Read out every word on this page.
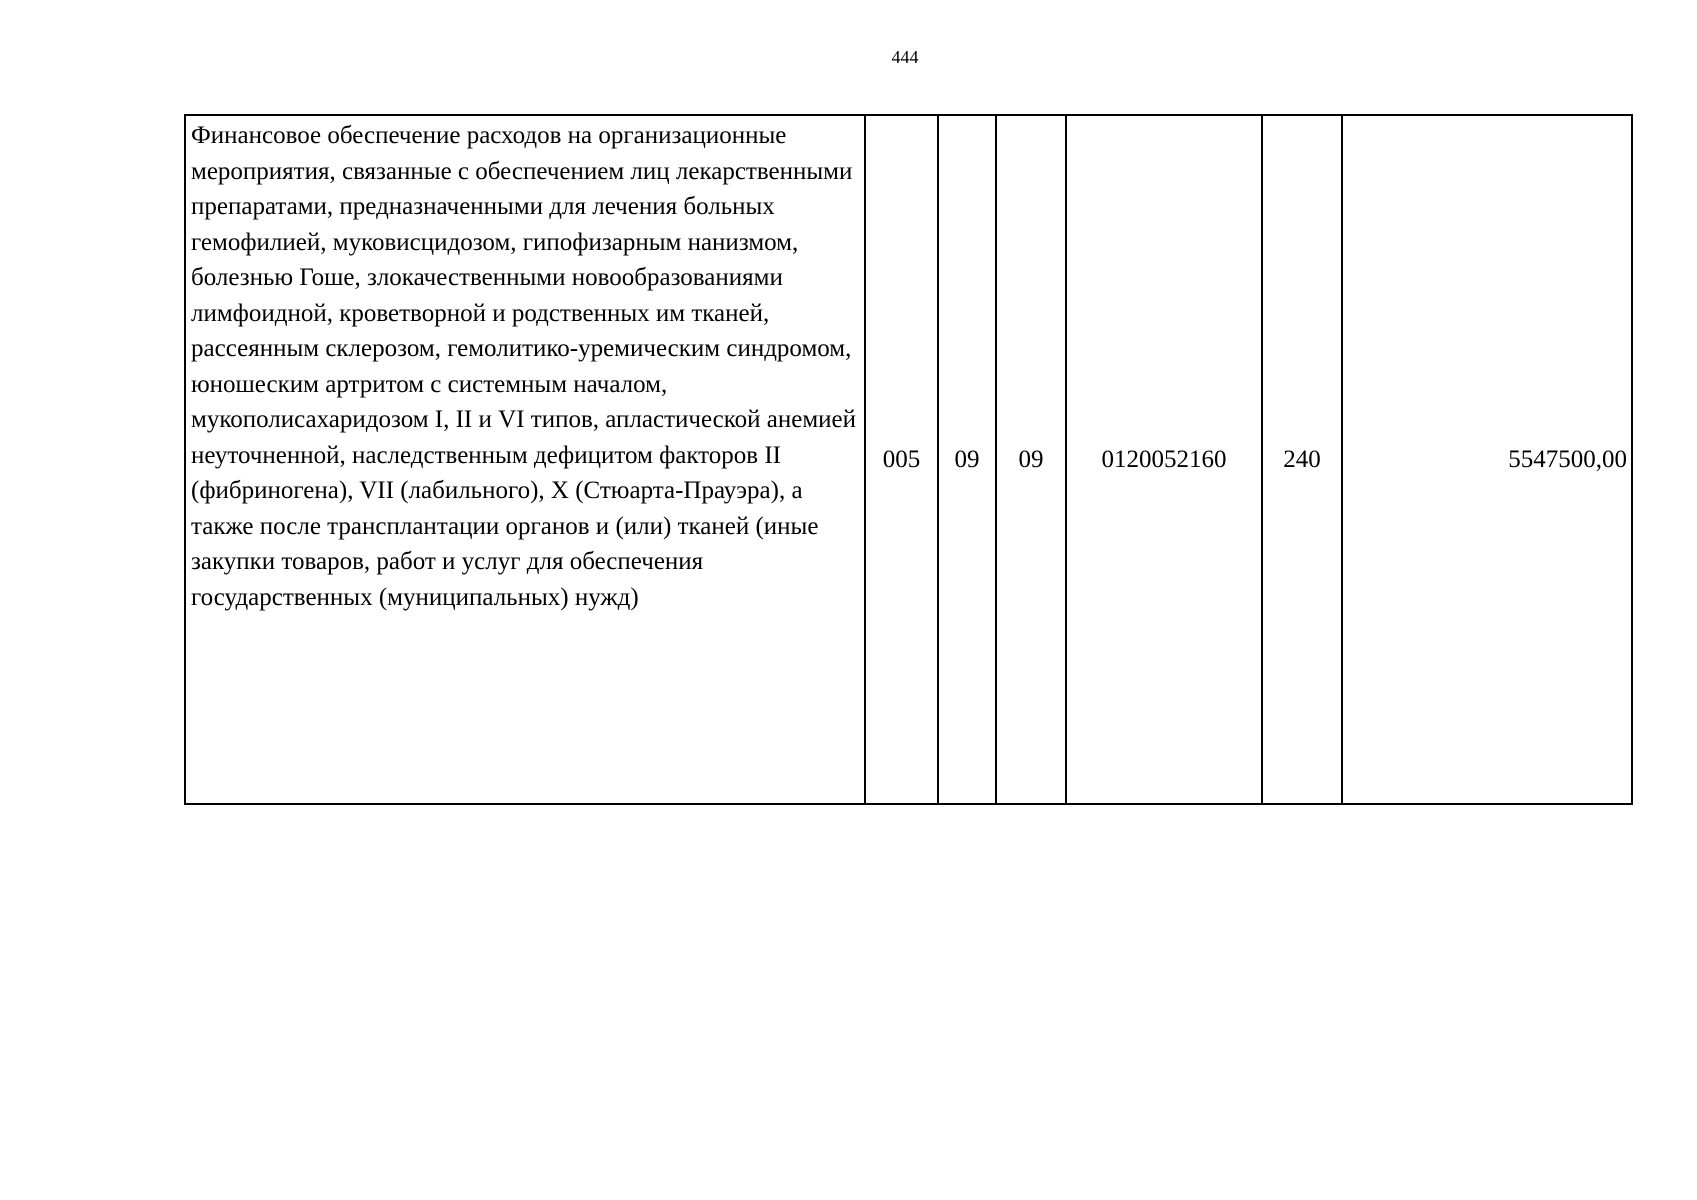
444
Финансовое обеспечение расходов на организационные мероприятия, связанные с обеспечением лиц лекарственными препаратами, предназначенными для лечения больных гемофилией, муковисцидозом, гипофизарным нанизмом, болезнью Гоше, злокачественными новообразованиями лимфоидной, кроветворной и родственных им тканей, рассеянным склерозом, гемолитико-уремическим синдромом, юношеским артритом с системным началом, мукополисахаридозом I, II и VI типов, апластической анемией неуточненной, наследственным дефицитом факторов II (фибриногена), VII (лабильного), X (Стюарта-Прауэра), а также после трансплантации органов и (или) тканей (иные закупки товаров, работ и услуг для обеспечения государственных (муниципальных) нужд)	005	09	09	0120052160	240	5547500,00
